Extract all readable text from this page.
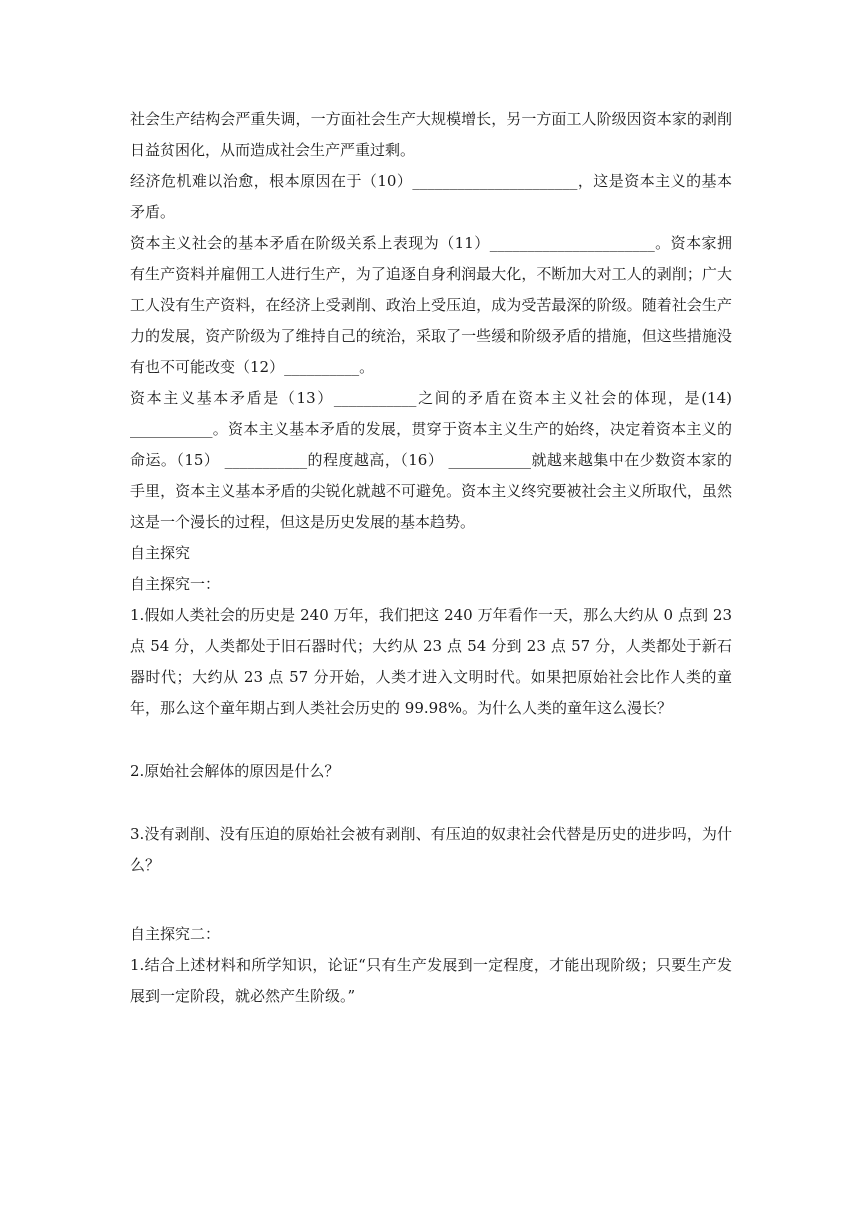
社会生产结构会严重失调，一方面社会生产大规模增长，另一方面工人阶级因资本家的剥削日益贫困化，从而造成社会生产严重过剩。

经济危机难以治愈，根本原因在于（10）______________________，这是资本主义的基本矛盾。

资本主义社会的基本矛盾在阶级关系上表现为（11）______________________。资本家拥有生产资料并雇佣工人进行生产，为了追逐自身利润最大化，不断加大对工人的剥削；广大工人没有生产资料，在经济上受剥削、政治上受压迫，成为受苦最深的阶级。随着社会生产力的发展，资产阶级为了维持自己的统治，采取了一些缓和阶级矛盾的措施，但这些措施没有也不可能改变（12）__________。

资本主义基本矛盾是（13）___________之间的矛盾在资本主义社会的体现，是(14) ___________。资本主义基本矛盾的发展，贯穿于资本主义生产的始终，决定着资本主义的命运。（15） ___________的程度越高，（16） ___________就越来越集中在少数资本家的手里，资本主义基本矛盾的尖锐化就越不可避免。资本主义终究要被社会主义所取代，虽然这是一个漫长的过程，但这是历史发展的基本趋势。

自主探究

自主探究一：

1.假如人类社会的历史是 240 万年，我们把这 240 万年看作一天，那么大约从 0 点到 23 点 54 分，人类都处于旧石器时代；大约从 23 点 54 分到 23 点 57 分，人类都处于新石器时代；大约从 23 点 57 分开始，人类才进入文明时代。如果把原始社会比作人类的童年，那么这个童年期占到人类社会历史的 99.98%。为什么人类的童年这么漫长？

2.原始社会解体的原因是什么？

3.没有剥削、没有压迫的原始社会被有剥削、有压迫的奴隶社会代替是历史的进步吗，为什么？

自主探究二：

1.结合上述材料和所学知识，论证“只有生产发展到一定程度，才能出现阶级；只要生产发展到一定阶段，就必然产生阶级。”
